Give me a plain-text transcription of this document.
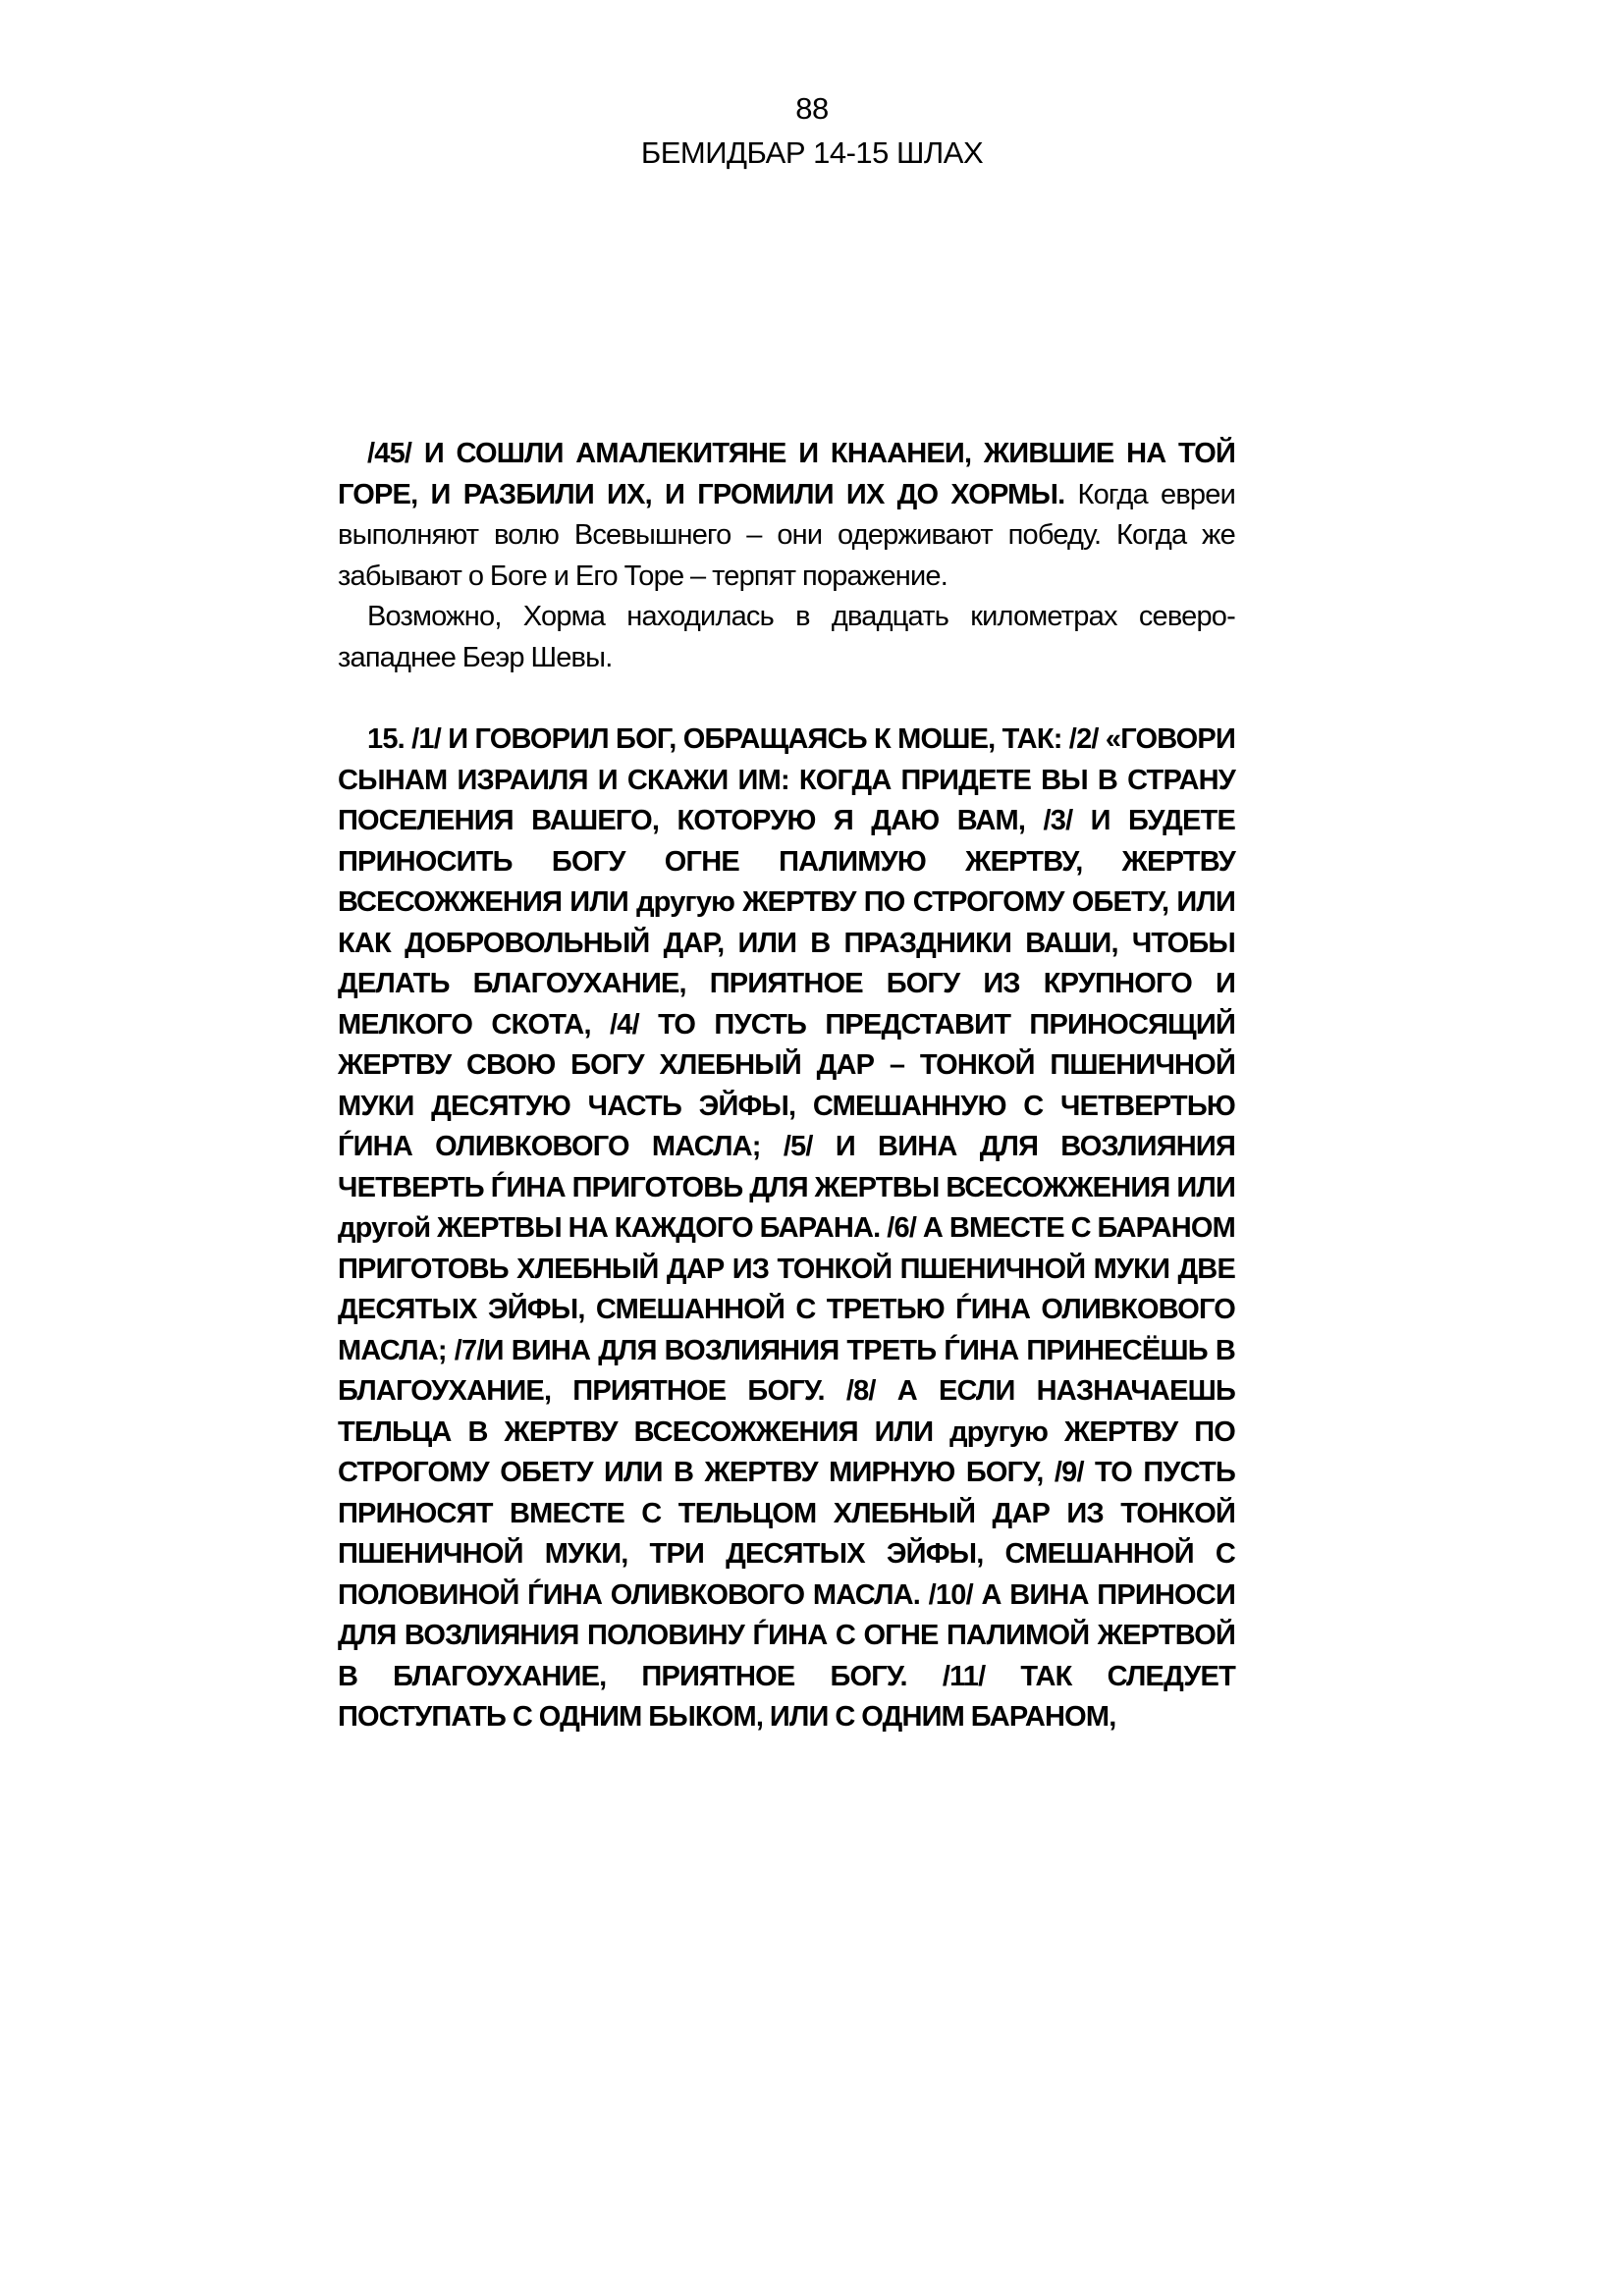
88
БЕМИДБАР 14-15 ШЛАХ

/45/ И СОШЛИ АМАЛЕКИТЯНЕ И КНААНЕИ, ЖИВШИЕ НА ТОЙ ГОРЕ, И РАЗБИЛИ ИХ, И ГРОМИЛИ ИХ ДО ХОРМЫ. Когда евреи выполняют волю Всевышнего – они одерживают победу. Когда же забывают о Боге и Его Торе – терпят поражение.

Возможно, Хорма находилась в двадцать километрах северо-западнее Беэр Шевы.

15. /1/ И ГОВОРИЛ БОГ, ОБРАЩАЯСЬ К МОШЕ, ТАК: /2/ «ГОВОРИ СЫНАМ ИЗРАИЛЯ И СКАЖИ ИМ: КОГДА ПРИДЕТЕ ВЫ В СТРАНУ ПОСЕЛЕНИЯ ВАШЕГО, КОТОРУЮ Я ДАЮ ВАМ, /3/ И БУДЕТЕ ПРИНОСИТЬ БОГУ ОГНЕ ПАЛИМУЮ ЖЕРТВУ, ЖЕРТВУ ВСЕСОЖЖЕНИЯ ИЛИ другую ЖЕРТВУ ПО СТРОГОМУ ОБЕТУ, ИЛИ КАК ДОБРОВОЛЬНЫЙ ДАР, ИЛИ В ПРАЗДНИКИ ВАШИ, ЧТОБЫ ДЕЛАТЬ БЛАГОУХАНИЕ, ПРИЯТНОЕ БОГУ ИЗ КРУПНОГО И МЕЛКОГО СКОТА, /4/ ТО ПУСТЬ ПРЕДСТАВИТ ПРИНОСЯЩИЙ ЖЕРТВУ СВОЮ БОГУ ХЛЕБНЫЙ ДАР – ТОНКОЙ ПШЕНИЧНОЙ МУКИ ДЕСЯТУЮ ЧАСТЬ ЭЙФЫ, СМЕШАННУЮ С ЧЕТВЕРТЬЮ ЃИНА ОЛИВКОВОГО МАСЛА; /5/ И ВИНА ДЛЯ ВОЗЛИЯНИЯ ЧЕТВЕРТЬ ЃИНА ПРИГОТОВЬ ДЛЯ ЖЕРТВЫ ВСЕСОЖЖЕНИЯ ИЛИ другой ЖЕРТВЫ НА КАЖДОГО БАРАНА. /6/ А ВМЕСТЕ С БАРАНОМ ПРИГОТОВЬ ХЛЕБНЫЙ ДАР ИЗ ТОНКОЙ ПШЕНИЧНОЙ МУКИ ДВЕ ДЕСЯТЫХ ЭЙФЫ, СМЕШАННОЙ С ТРЕТЬЮ ЃИНА ОЛИВКОВОГО МАСЛА; /7/И ВИНА ДЛЯ ВОЗЛИЯНИЯ ТРЕТЬ ЃИНА ПРИНЕСЁШЬ В БЛАГОУХАНИЕ, ПРИЯТНОЕ БОГУ. /8/ А ЕСЛИ НАЗНАЧАЕШЬ ТЕЛЬЦА В ЖЕРТВУ ВСЕСОЖЖЕНИЯ ИЛИ другую ЖЕРТВУ ПО СТРОГОМУ ОБЕТУ ИЛИ В ЖЕРТВУ МИРНУЮ БОГУ, /9/ ТО ПУСТЬ ПРИНОСЯТ ВМЕСТЕ С ТЕЛЬЦОМ ХЛЕБНЫЙ ДАР ИЗ ТОНКОЙ ПШЕНИЧНОЙ МУКИ, ТРИ ДЕСЯТЫХ ЭЙФЫ, СМЕШАННОЙ С ПОЛОВИНОЙ ЃИНА ОЛИВКОВОГО МАСЛА. /10/ А ВИНА ПРИНОСИ ДЛЯ ВОЗЛИЯНИЯ ПОЛОВИНУ ЃИНА С ОГНЕ ПАЛИМОЙ ЖЕРТВОЙ В БЛАГОУХАНИЕ, ПРИЯТНОЕ БОГУ. /11/ ТАК СЛЕДУЕТ ПОСТУПАТЬ С ОДНИМ БЫКОМ, ИЛИ С ОДНИМ БАРАНОМ,
